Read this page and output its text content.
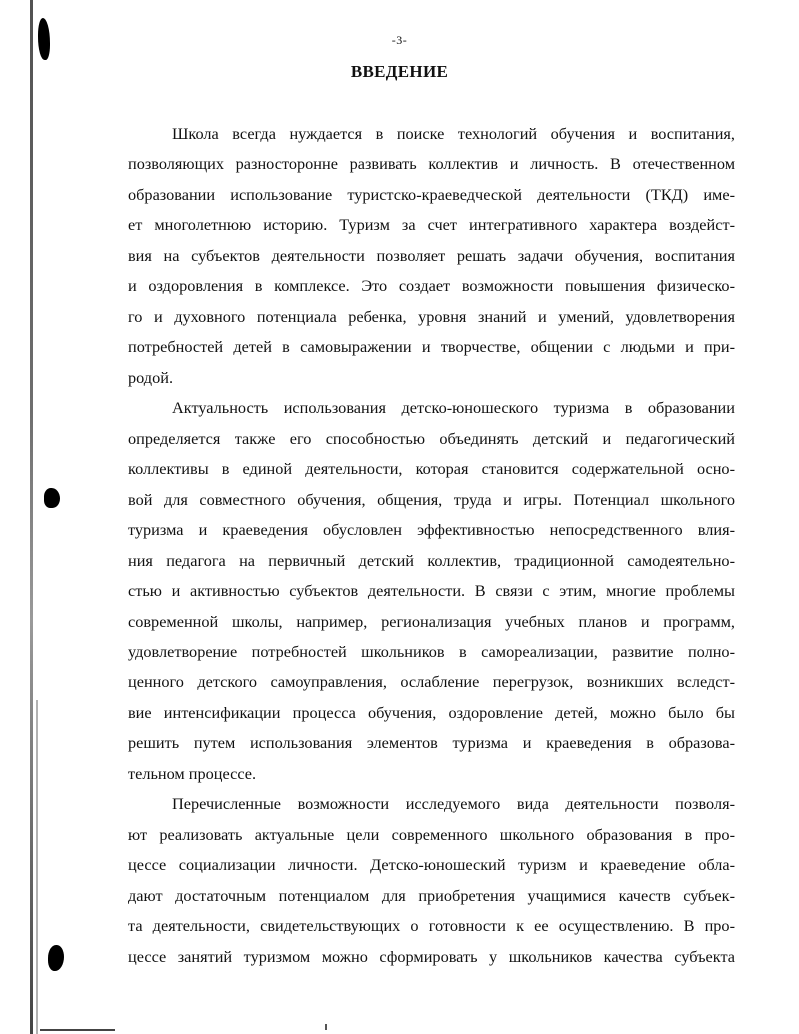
-3-
ВВЕДЕНИЕ
Школа всегда нуждается в поиске технологий обучения и воспитания,
позволяющих разносторонне развивать коллектив и личность. В отечественном
образовании использование туристско-краеведческой деятельности (ТКД) име-
ет многолетнюю историю. Туризм за счет интегративного характера воздейст-
вия на субъектов деятельности позволяет решать задачи обучения, воспитания
и оздоровления в комплексе. Это создает возможности повышения физическо-
го и духовного потенциала ребенка, уровня знаний и умений, удовлетворения
потребностей детей в самовыражении и творчестве, общении с людьми и при-
родой.
Актуальность использования детско-юношеского туризма в образовании
определяется также его способностью объединять детский и педагогический
коллективы в единой деятельности, которая становится содержательной осно-
вой для совместного обучения, общения, труда и игры. Потенциал школьного
туризма и краеведения обусловлен эффективностью непосредственного влия-
ния педагога на первичный детский коллектив, традиционной самодеятельно-
стью и активностью субъектов деятельности. В связи с этим, многие проблемы
современной школы, например, регионализация учебных планов и программ,
удовлетворение потребностей школьников в самореализации, развитие полно-
ценного детского самоуправления, ослабление перегрузок, возникших вследст-
вие интенсификации процесса обучения, оздоровление детей, можно было бы
решить путем использования элементов туризма и краеведения в образова-
тельном процессе.
Перечисленные возможности исследуемого вида деятельности позволя-
ют реализовать актуальные цели современного школьного образования в про-
цессе социализации личности. Детско-юношеский туризм и краеведение обла-
дают достаточным потенциалом для приобретения учащимися качеств субъек-
та деятельности, свидетельствующих о готовности к ее осуществлению. В про-
цессе занятий туризмом можно сформировать у школьников качества субъекта
